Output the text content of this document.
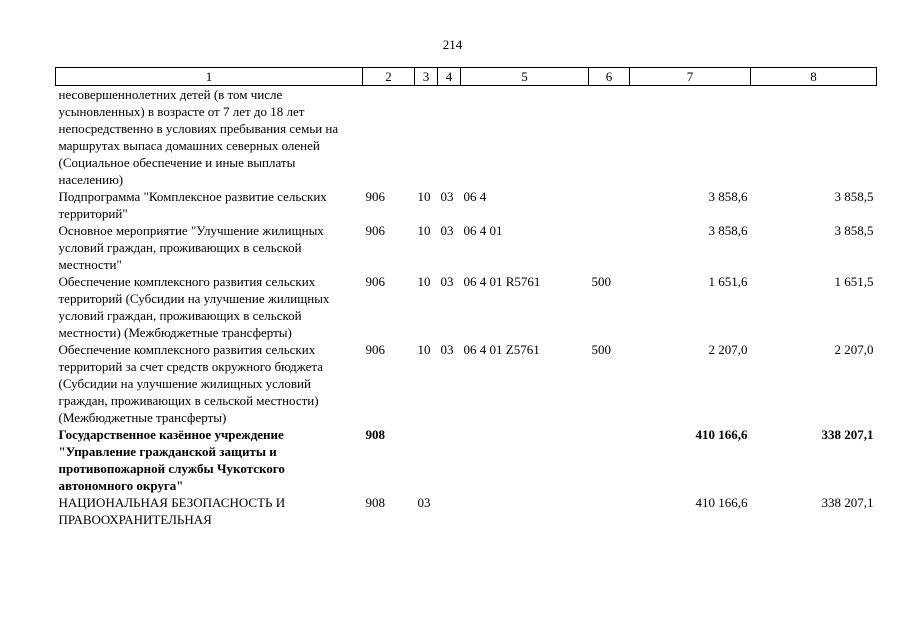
214
1	2	3	4	5	6	7	8
несовершеннолетних детей (в том числе усыновленных) в возрасте от 7 лет до 18 лет непосредственно в условиях пребывания семьи на маршрутах выпаса домашних северных оленей (Социальное обеспечение и иные выплаты населению)							
Подпрограмма "Комплексное развитие сельских территорий"	906	10	03	06 4		3 858,6	3 858,5
Основное мероприятие "Улучшение жилищных условий граждан, проживающих в сельской местности"	906	10	03	06 4 01		3 858,6	3 858,5
Обеспечение комплексного развития сельских территорий (Субсидии на улучшение жилищных условий граждан, проживающих в сельской местности) (Межбюджетные трансферты)	906	10	03	06 4 01 R5761	500	1 651,6	1 651,5
Обеспечение комплексного развития сельских территорий за счет средств окружного бюджета (Субсидии на улучшение жилищных условий граждан, проживающих в сельской местности) (Межбюджетные трансферты)	906	10	03	06 4 01 Z5761	500	2 207,0	2 207,0
Государственное казённое учреждение "Управление гражданской защиты и противопожарной службы Чукотского автономного округа"	908					410 166,6	338 207,1
НАЦИОНАЛЬНАЯ БЕЗОПАСНОСТЬ И ПРАВООХРАНИТЕЛЬНАЯ	908	03				410 166,6	338 207,1
